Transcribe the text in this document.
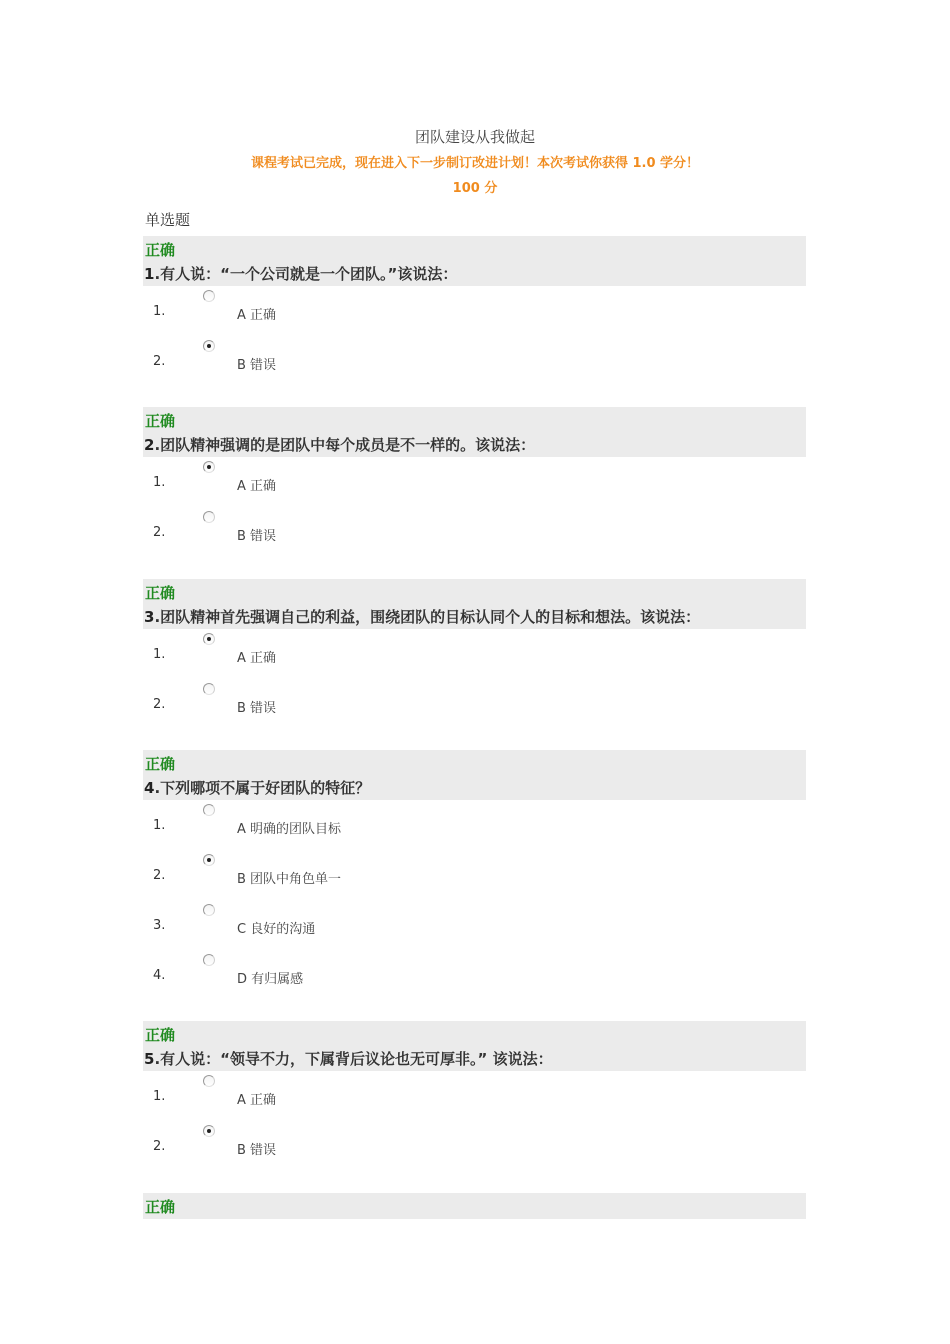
团队建设从我做起
课程考试已完成，现在进入下一步制订改进计划！本次考试你获得 1.0 学分！
100 分
单选题
正确
1.有人说：“一个公司就是一个团队。”该说法：
1.	A 正确
2.	B 错误
正确
2.团队精神强调的是团队中每个成员是不一样的。该说法：
1.	A 正确
2.	B 错误
正确
3.团队精神首先强调自己的利益，围绕团队的目标认同个人的目标和想法。该说法：
1.	A 正确
2.	B 错误
正确
4.下列哪项不属于好团队的特征？
1.	A 明确的团队目标
2.	B 团队中角色单一
3.	C 良好的沟通
4.	D 有归属感
正确
5.有人说：“领导不力，下属背后议论也无可厚非。” 该说法：
1.	A 正确
2.	B 错误
正确
